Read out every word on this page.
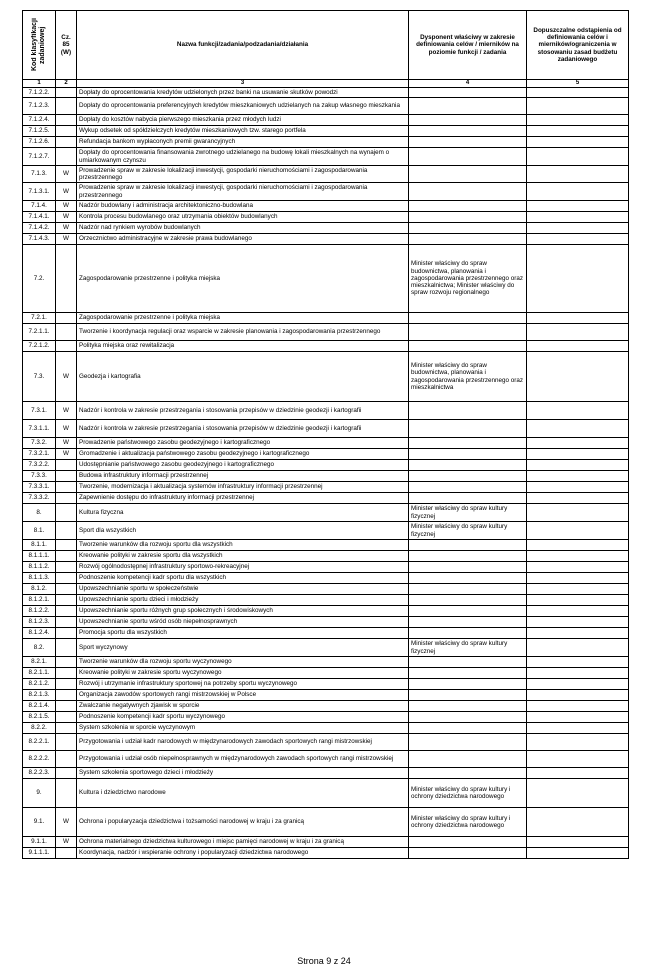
Kod klasyfikacji zadaniowej	Cz. 85 (W)	Nazwa funkcji/zadania/podzadania/działania	Dysponent właściwy w zakresie definiowania celów / mierników na poziomie funkcji / zadania	Dopuszczalne odstąpienia od definiowania celów i mierników/ograniczenia w stosowaniu zasad budżetu zadaniowego
1	2	3	4	5
7.1.2.2.		Dopłaty do oprocentowania kredytów udzielonych przez banki na usuwanie skutków powodzi		
7.1.2.3.		Dopłaty do oprocentowania preferencyjnych kredytów mieszkaniowych udzielanych na zakup własnego mieszkania		
7.1.2.4.		Dopłaty do kosztów nabycia pierwszego mieszkania przez młodych ludzi		
7.1.2.5.		Wykup odsetek od spółdzielczych kredytów mieszkaniowych tzw. starego portfela		
7.1.2.6.		Refundacja bankom wypłaconych premii gwarancyjnych		
7.1.2.7.		Dopłaty do oprocentowania finansowania zwrotnego udzielanego na budowę lokali mieszkalnych na wynajem o umiarkowanym czynszu		
7.1.3.	W	Prowadzenie spraw w zakresie lokalizacji inwestycji, gospodarki nieruchomościami i zagospodarowania przestrzennego		
7.1.3.1.	W	Prowadzenie spraw w zakresie lokalizacji inwestycji, gospodarki nieruchomościami i zagospodarowania przestrzennego		
7.1.4.	W	Nadzór budowlany i administracja architektoniczno-budowlana		
7.1.4.1.	W	Kontrola procesu budowlanego oraz utrzymania obiektów budowlanych		
7.1.4.2.	W	Nadzór nad rynkiem wyrobów budowlanych		
7.1.4.3.	W	Orzecznictwo administracyjne w zakresie prawa budowlanego		
7.2.		Zagospodarowanie przestrzenne i polityka miejska	Minister właściwy do spraw budownictwa, planowania i zagospodarowania przestrzennego oraz mieszkalnictwa; Minister właściwy do spraw rozwoju regionalnego	
7.2.1.		Zagospodarowanie przestrzenne i polityka miejska		
7.2.1.1.		Tworzenie i koordynacja regulacji oraz wsparcie w zakresie planowania i zagospodarowania przestrzennego		
7.2.1.2.		Polityka miejska oraz rewitalizacja		
7.3.	W	Geodezja i kartografia	Minister właściwy do spraw budownictwa, planowania i zagospodarowania przestrzennego oraz mieszkalnictwa	
7.3.1.	W	Nadzór i kontrola w zakresie przestrzegania i stosowania przepisów w dziedzinie geodezji i kartografii		
7.3.1.1.	W	Nadzór i kontrola w zakresie przestrzegania i stosowania przepisów w dziedzinie geodezji i kartografii		
7.3.2.	W	Prowadzenie państwowego zasobu geodezyjnego i kartograficznego		
7.3.2.1.	W	Gromadzenie i aktualizacja państwowego zasobu geodezyjnego i kartograficznego		
7.3.2.2.		Udostępnianie państwowego zasobu geodezyjnego i kartograficznego		
7.3.3.		Budowa infrastruktury informacji przestrzennej		
7.3.3.1.		Tworzenie, modernizacja i aktualizacja systemów infrastruktury informacji przestrzennej		
7.3.3.2.		Zapewnienie dostępu do infrastruktury informacji przestrzennej		
8.		Kultura fizyczna	Minister właściwy do spraw kultury fizycznej	
8.1.		Sport dla wszystkich	Minister właściwy do spraw kultury fizycznej	
8.1.1.		Tworzenie warunków dla rozwoju sportu dla wszystkich		
8.1.1.1.		Kreowanie polityki w zakresie sportu dla wszystkich		
8.1.1.2.		Rozwój ogólnodostępnej infrastruktury sportowo-rekreacyjnej		
8.1.1.3.		Podnoszenie kompetencji kadr sportu dla wszystkich		
8.1.2.		Upowszechnianie sportu w społeczeństwie		
8.1.2.1.		Upowszechnianie sportu dzieci i młodzieży		
8.1.2.2.		Upowszechnianie sportu różnych grup społecznych i środowiskowych		
8.1.2.3.		Upowszechnianie sportu wśród osób niepełnosprawnych		
8.1.2.4.		Promocja sportu dla wszystkich		
8.2.		Sport wyczynowy	Minister właściwy do spraw kultury fizycznej	
8.2.1.		Tworzenie warunków dla rozwoju sportu wyczynowego		
8.2.1.1.		Kreowanie polityki w zakresie sportu wyczynowego		
8.2.1.2.		Rozwój i utrzymanie infrastruktury sportowej na potrzeby sportu wyczynowego		
8.2.1.3.		Organizacja zawodów sportowych rangi mistrzowskiej w Polsce		
8.2.1.4.		Zwalczanie negatywnych zjawisk w sporcie		
8.2.1.5.		Podnoszenie kompetencji kadr sportu wyczynowego		
8.2.2.		System szkolenia w sporcie wyczynowym		
8.2.2.1.		Przygotowania i udział kadr narodowych w międzynarodowych zawodach sportowych rangi mistrzowskiej		
8.2.2.2.		Przygotowania i udział osób niepełnosprawnych w międzynarodowych zawodach sportowych rangi mistrzowskiej		
8.2.2.3.		System szkolenia sportowego dzieci i młodzieży		
9.		Kultura i dziedzictwo narodowe	Minister właściwy do spraw kultury i ochrony dziedzictwa narodowego	
9.1.	W	Ochrona i popularyzacja dziedzictwa i tożsamości narodowej w kraju i za granicą	Minister właściwy do spraw kultury i ochrony dziedzictwa narodowego	
9.1.1.	W	Ochrona materialnego dziedzictwa kulturowego i miejsc pamięci narodowej w kraju i za granicą		
9.1.1.1.		Koordynacja, nadzór i wspieranie ochrony i popularyzacji dziedzictwa narodowego		
Strona 9 z 24
